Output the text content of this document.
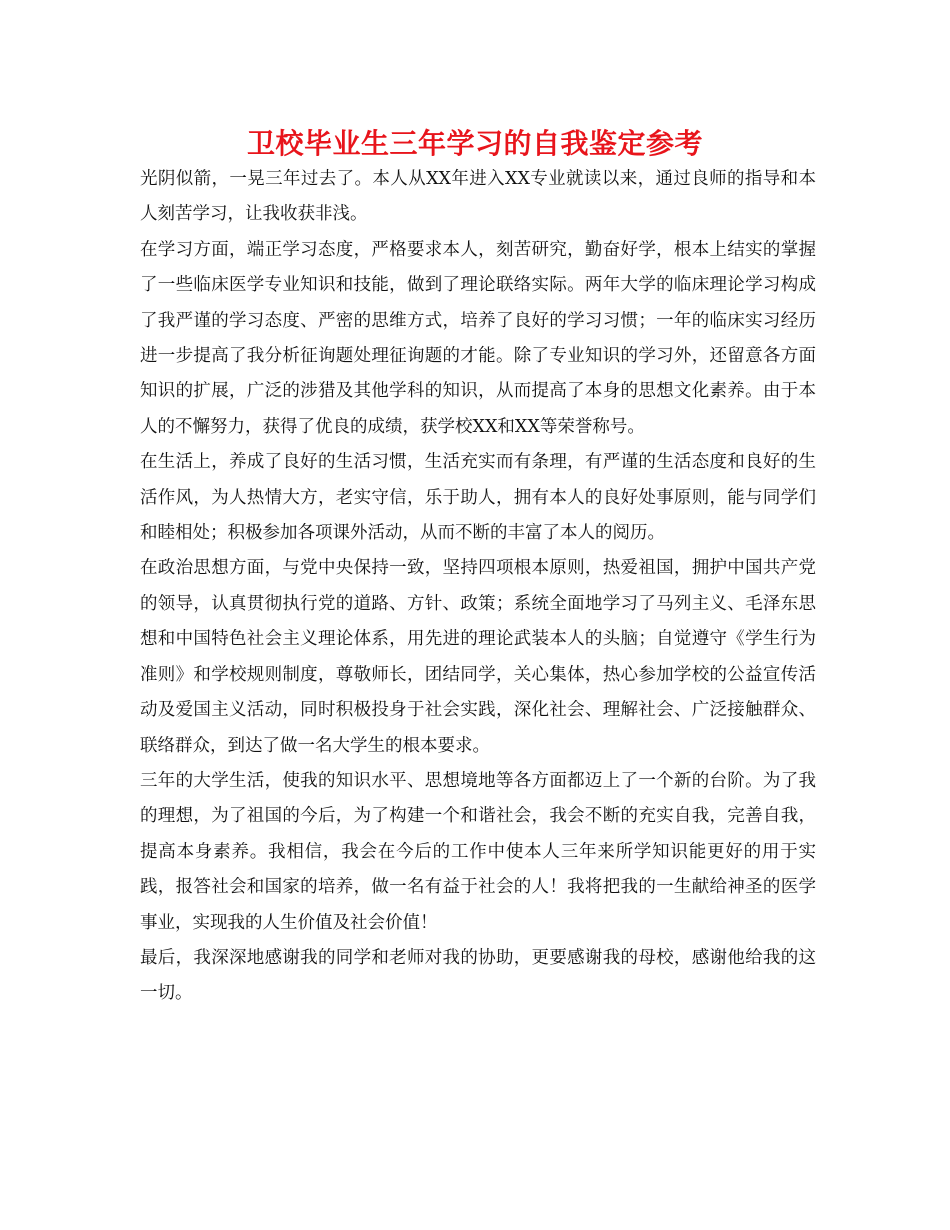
卫校毕业生三年学习的自我鉴定参考

光阴似箭，一晃三年过去了。本人从XX年进入XX专业就读以来，通过良师的指导和本人刻苦学习，让我收获非浅。

在学习方面，端正学习态度，严格要求本人，刻苦研究，勤奋好学，根本上结实的掌握了一些临床医学专业知识和技能，做到了理论联络实际。两年大学的临床理论学习构成了我严谨的学习态度、严密的思维方式，培养了良好的学习习惯；一年的临床实习经历进一步提高了我分析征询题处理征询题的才能。除了专业知识的学习外，还留意各方面知识的扩展，广泛的涉猎及其他学科的知识，从而提高了本身的思想文化素养。由于本人的不懈努力，获得了优良的成绩，获学校XX和XX等荣誉称号。

在生活上，养成了良好的生活习惯，生活充实而有条理，有严谨的生活态度和良好的生活作风，为人热情大方，老实守信，乐于助人，拥有本人的良好处事原则，能与同学们和睦相处；积极参加各项课外活动，从而不断的丰富了本人的阅历。

在政治思想方面，与党中央保持一致，坚持四项根本原则，热爱祖国，拥护中国共产党的领导，认真贯彻执行党的道路、方针、政策；系统全面地学习了马列主义、毛泽东思想和中国特色社会主义理论体系，用先进的理论武装本人的头脑；自觉遵守《学生行为准则》和学校规则制度，尊敬师长，团结同学，关心集体，热心参加学校的公益宣传活动及爱国主义活动，同时积极投身于社会实践，深化社会、理解社会、广泛接触群众、联络群众，到达了做一名大学生的根本要求。

三年的大学生活，使我的知识水平、思想境地等各方面都迈上了一个新的台阶。为了我的理想，为了祖国的今后，为了构建一个和谐社会，我会不断的充实自我，完善自我，提高本身素养。我相信，我会在今后的工作中使本人三年来所学知识能更好的用于实践，报答社会和国家的培养，做一名有益于社会的人！我将把我的一生献给神圣的医学事业，实现我的人生价值及社会价值！

最后，我深深地感谢我的同学和老师对我的协助，更要感谢我的母校，感谢他给我的这一切。
